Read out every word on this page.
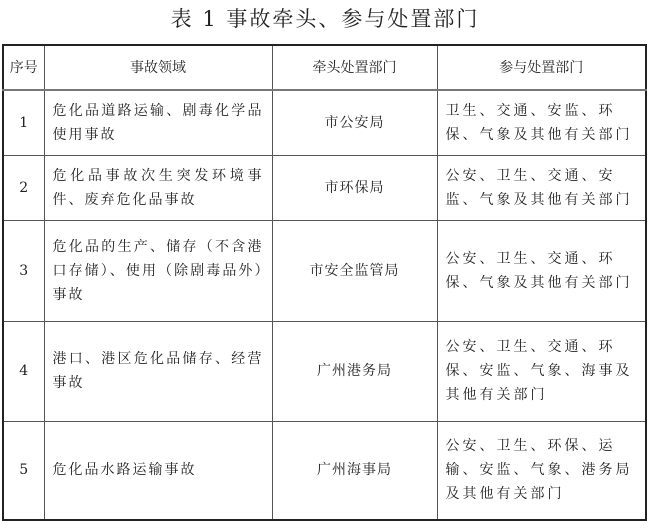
表 1 事故牵头、参与处置部门
序号	事故领域	牵头处置部门	参与处置部门
1	危化品道路运输、剧毒化学品使用事故	市公安局	卫生、交通、安监、环保、气象及其他有关部门
2	危化品事故次生突发环境事件、废弃危化品事故	市环保局	公安、卫生、交通、安监、气象及其他有关部门
3	危化品的生产、储存（不含港口存储）、使用（除剧毒品外）事故	市安全监管局	公安、卫生、交通、环保、气象及其他有关部门
4	港口、港区危化品储存、经营事故	广州港务局	公安、卫生、交通、环保、安监、气象、海事及其他有关部门
5	危化品水路运输事故	广州海事局	公安、卫生、环保、运输、安监、气象、港务局及其他有关部门
